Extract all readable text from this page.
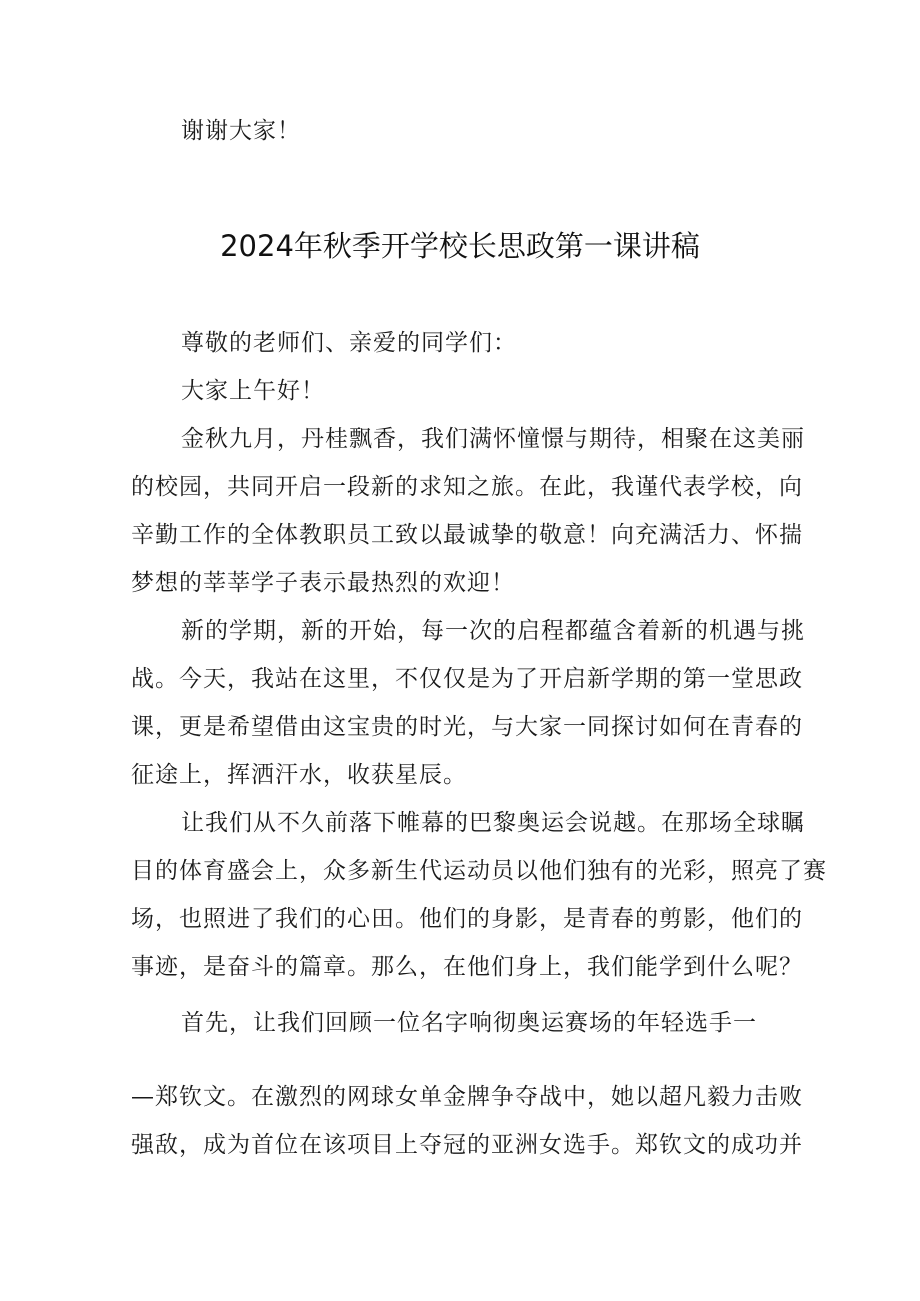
谢谢大家！
2024年秋季开学校长思政第一课讲稿
尊敬的老师们、亲爱的同学们：
大家上午好！
金秋九月，丹桂飘香，我们满怀憧憬与期待，相聚在这美丽
的校园，共同开启一段新的求知之旅。在此，我谨代表学校，向
辛勤工作的全体教职员工致以最诚挚的敬意！向充满活力、怀揣
梦想的莘莘学子表示最热烈的欢迎！
新的学期，新的开始，每一次的启程都蕴含着新的机遇与挑
战。今天，我站在这里，不仅仅是为了开启新学期的第一堂思政
课，更是希望借由这宝贵的时光，与大家一同探讨如何在青春的
征途上，挥洒汗水，收获星辰。
让我们从不久前落下帷幕的巴黎奥运会说越。在那场全球瞩
目的体育盛会上，众多新生代运动员以他们独有的光彩，照亮了赛
场，也照进了我们的心田。他们的身影，是青春的剪影，他们的
事迹，是奋斗的篇章。那么，在他们身上，我们能学到什么呢？
首先，让我们回顾一位名字响彻奥运赛场的年轻选手一
—郑钦文。在激烈的网球女单金牌争夺战中，她以超凡毅力击败
强敌，成为首位在该项目上夺冠的亚洲女选手。郑钦文的成功并
